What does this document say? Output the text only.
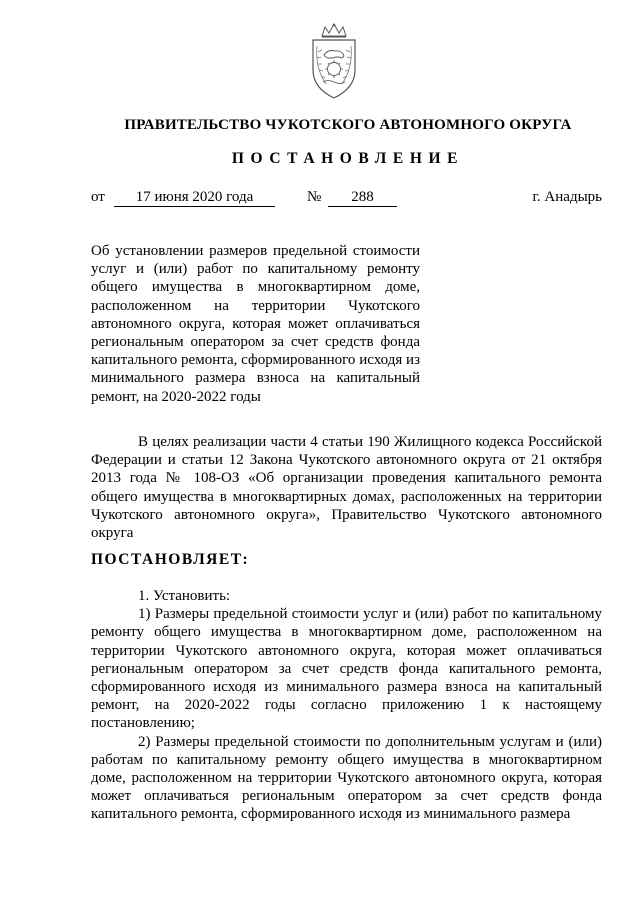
ПРАВИТЕЛЬСТВО ЧУКОТСКОГО АВТОНОМНОГО ОКРУГА
ПОСТАНОВЛЕНИЕ
от	17 июня 2020 года	№	288	г. Анадырь
Об установлении размеров предельной стоимости услуг и (или) работ по капитальному ремонту общего имущества в многоквартирном доме, расположенном на территории Чукотского автономного округа, которая может оплачиваться региональным оператором за счет средств фонда капитального ремонта, сформированного исходя из минимального размера взноса на капитальный ремонт, на 2020-2022 годы
В целях реализации части 4 статьи 190 Жилищного кодекса Российской Федерации и статьи 12 Закона Чукотского автономного округа от 21 октября 2013 года № 108-ОЗ «Об организации проведения капитального ремонта общего имущества в многоквартирных домах, расположенных на территории Чукотского автономного округа», Правительство Чукотского автономного округа
ПОСТАНОВЛЯЕТ:

1. Установить:

1) Размеры предельной стоимости услуг и (или) работ по капитальному ремонту общего имущества в многоквартирном доме, расположенном на территории Чукотского автономного округа, которая может оплачиваться региональным оператором за счет средств фонда капитального ремонта, сформированного исходя из минимального размера взноса на капитальный ремонт, на 2020-2022 годы согласно приложению 1 к настоящему постановлению;

2) Размеры предельной стоимости по дополнительным услугам и (или) работам по капитальному ремонту общего имущества в многоквартирном доме, расположенном на территории Чукотского автономного округа, которая может оплачиваться региональным оператором за счет средств фонда капитального ремонта, сформированного исходя из минимального размера
